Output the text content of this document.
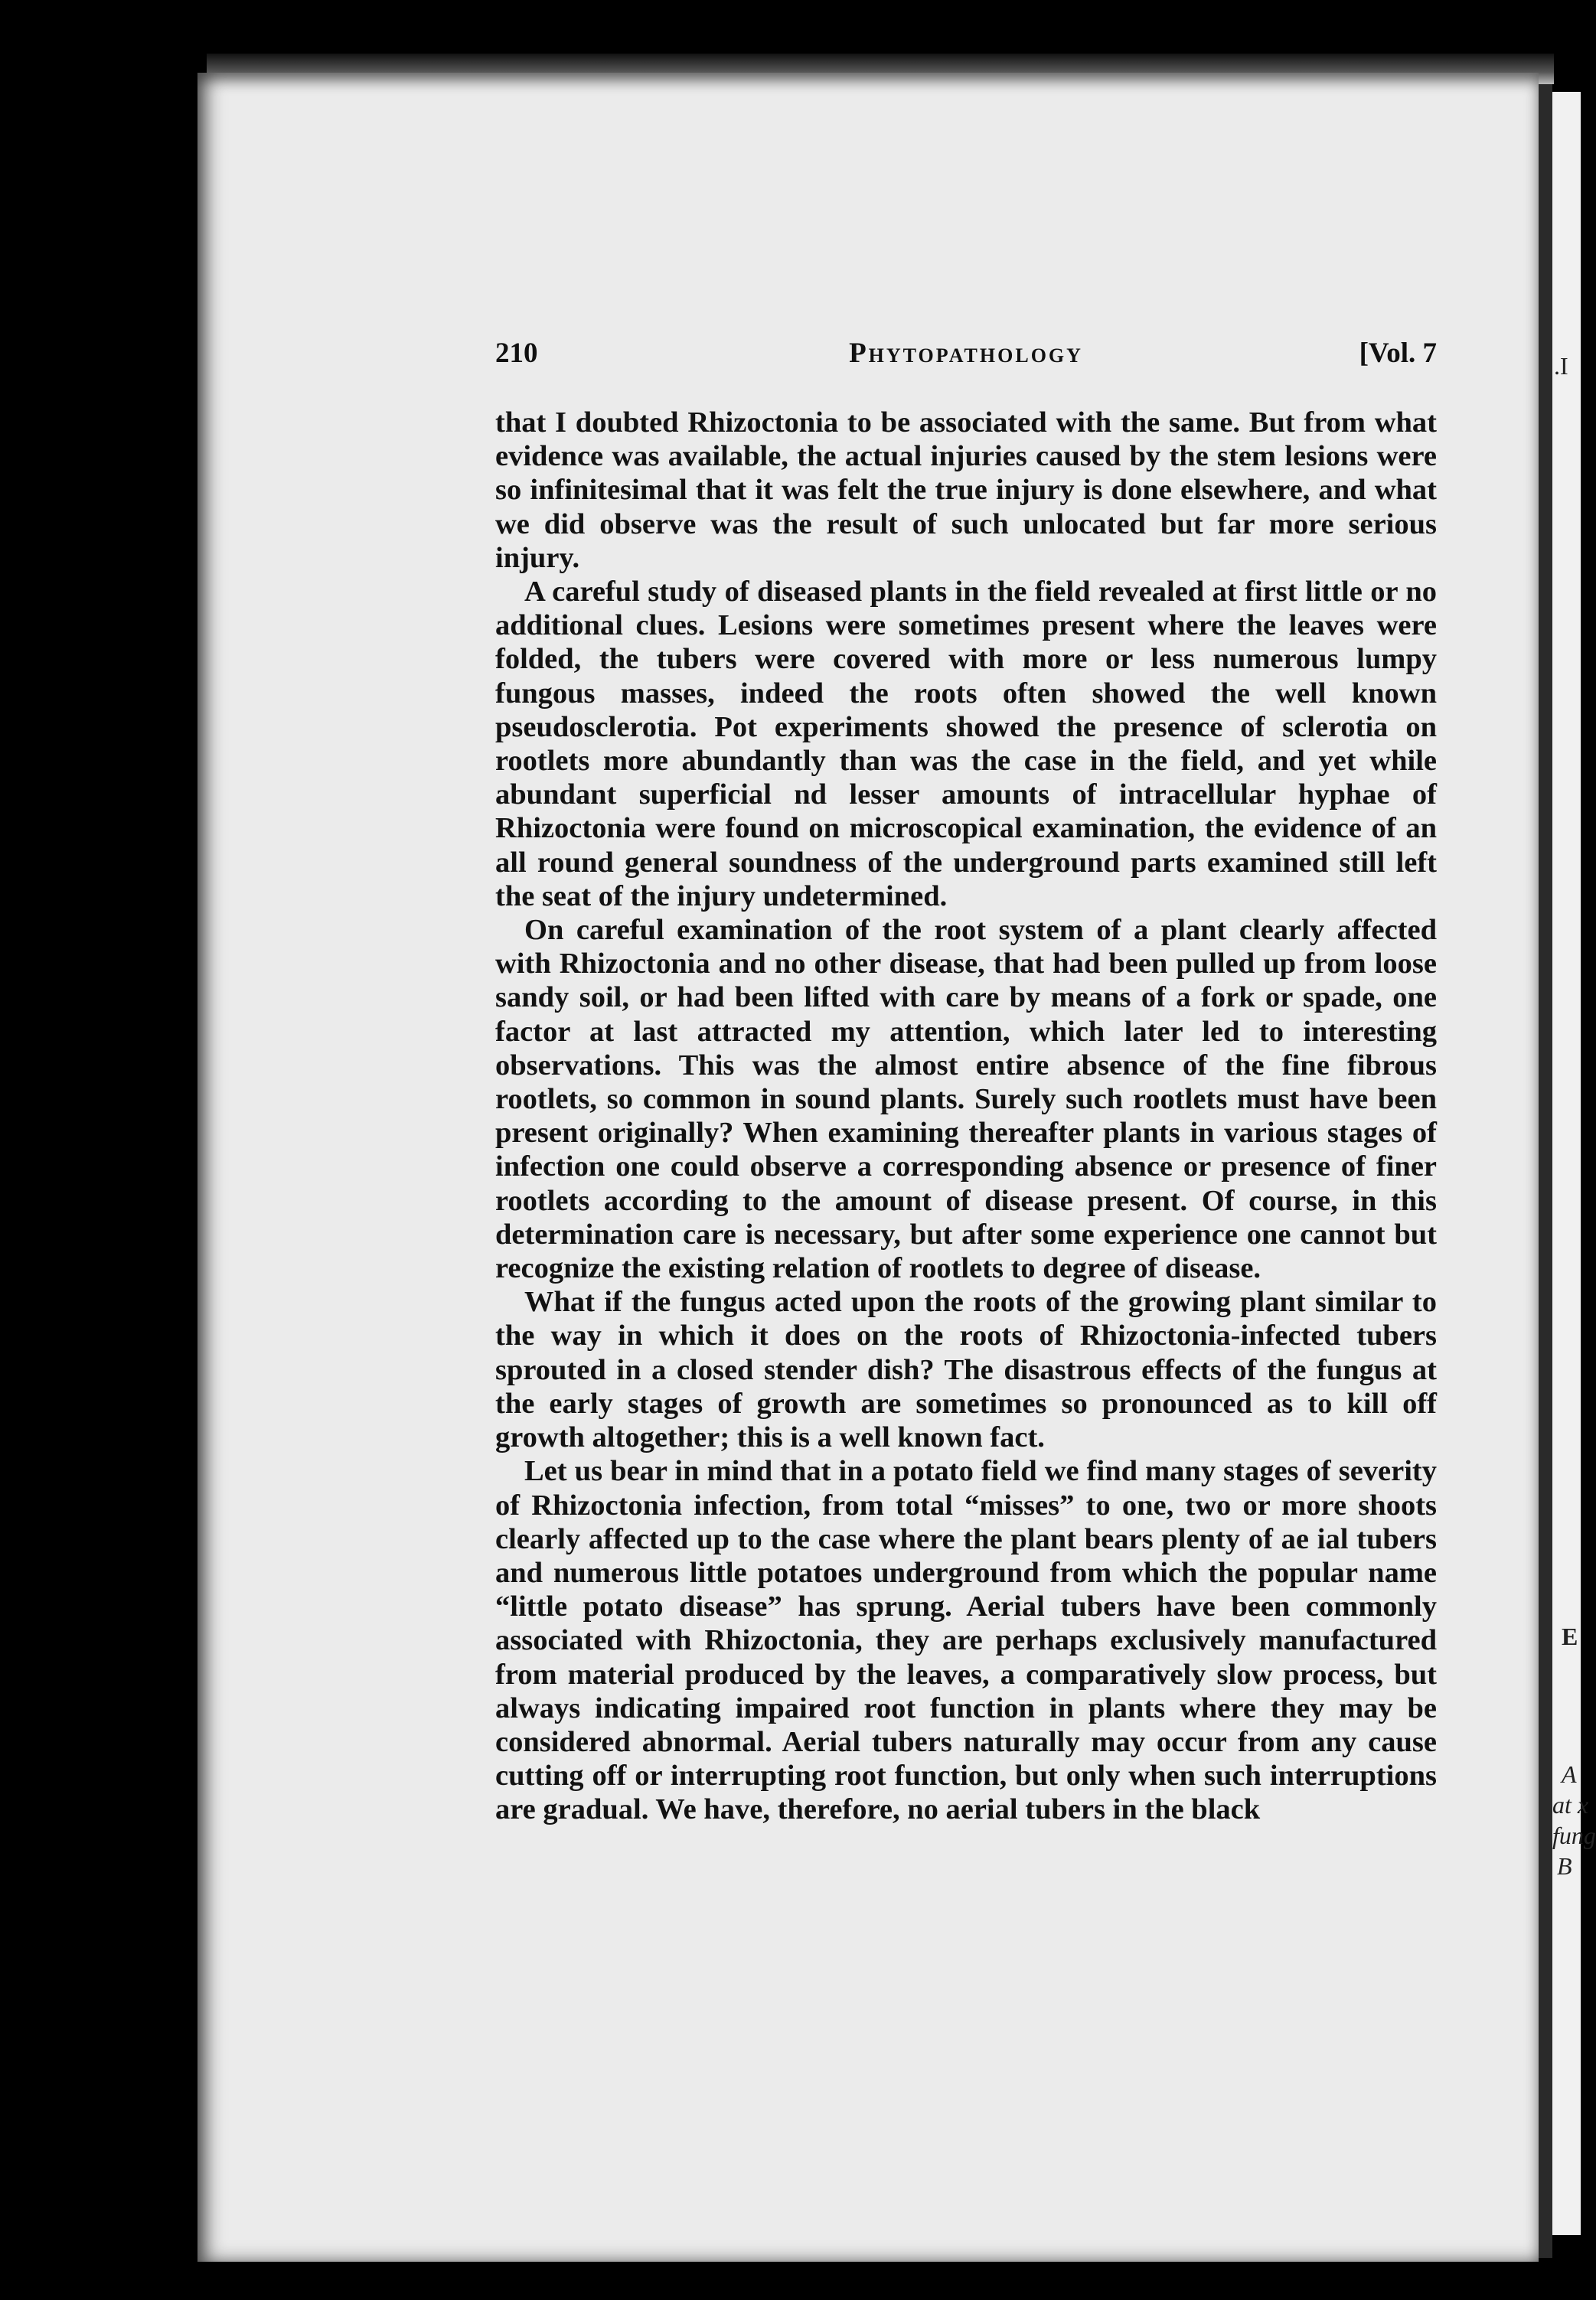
.I
E
A
at x
fung
B
210	Phytopathology	[Vol. 7

that I doubted Rhizoctonia to be associated with the same. But from what evidence was available, the actual injuries caused by the stem lesions were so infinitesimal that it was felt the true injury is done elsewhere, and what we did observe was the result of such unlocated but far more serious injury.

A careful study of diseased plants in the field revealed at first little or no additional clues. Lesions were sometimes present where the leaves were folded, the tubers were covered with more or less numerous lumpy fungous masses, indeed the roots often showed the well known pseudosclerotia. Pot experiments showed the presence of sclerotia on rootlets more abundantly than was the case in the field, and yet while abundant superficial nd lesser amounts of intracellular hyphae of Rhizoctonia were found on microscopical examination, the evidence of an all round general soundness of the underground parts examined still left the seat of the injury undetermined.

On careful examination of the root system of a plant clearly affected with Rhizoctonia and no other disease, that had been pulled up from loose sandy soil, or had been lifted with care by means of a fork or spade, one factor at last attracted my attention, which later led to interesting observations. This was the almost entire absence of the fine fibrous rootlets, so common in sound plants. Surely such rootlets must have been present originally? When examining thereafter plants in various stages of infection one could observe a corresponding absence or presence of finer rootlets according to the amount of disease present. Of course, in this determination care is necessary, but after some experience one cannot but recognize the existing relation of rootlets to degree of disease.

What if the fungus acted upon the roots of the growing plant similar to the way in which it does on the roots of Rhizoctonia-infected tubers sprouted in a closed stender dish? The disastrous effects of the fungus at the early stages of growth are sometimes so pronounced as to kill off growth altogether; this is a well known fact.

Let us bear in mind that in a potato field we find many stages of severity of Rhizoctonia infection, from total “misses” to one, two or more shoots clearly affected up to the case where the plant bears plenty of ae ial tubers and numerous little potatoes underground from which the popular name “little potato disease” has sprung. Aerial tubers have been commonly associated with Rhizoctonia, they are perhaps exclusively manufactured from material produced by the leaves, a comparatively slow process, but always indicating impaired root function in plants where they may be considered abnormal. Aerial tubers naturally may occur from any cause cutting off or interrupting root function, but only when such interruptions are gradual. We have, therefore, no aerial tubers in the black
